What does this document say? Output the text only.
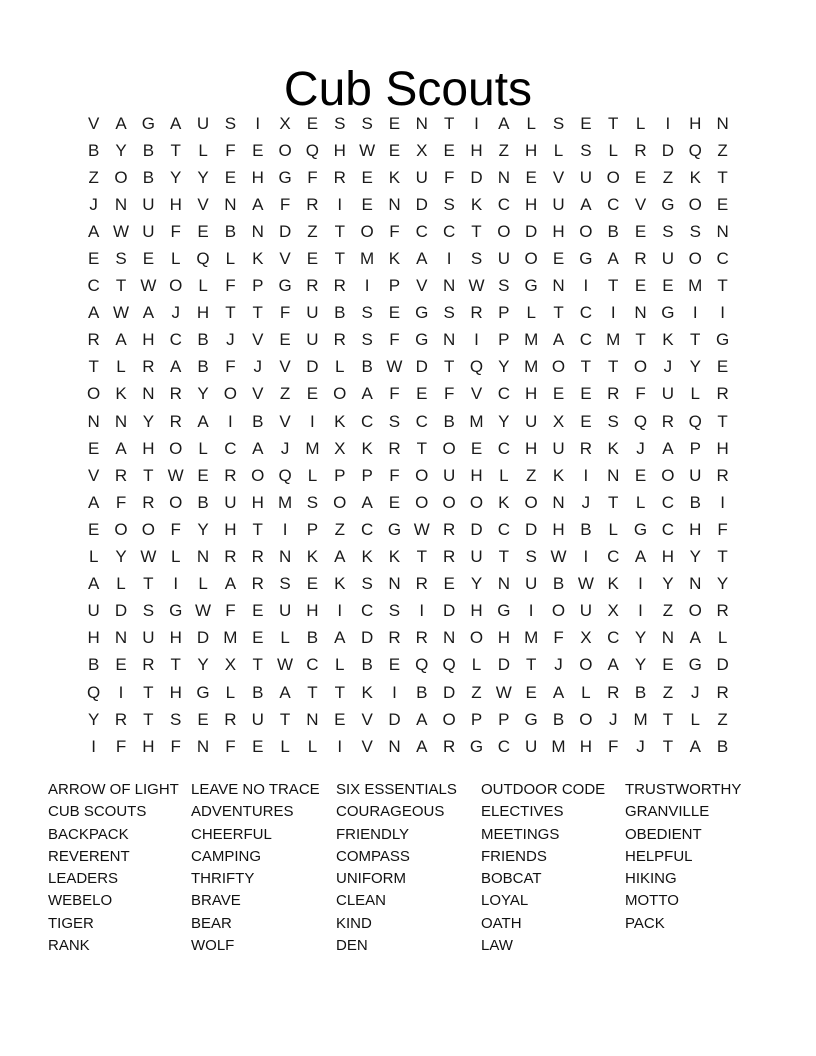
Cub Scouts
V A G A U S	I	X E S S E N T	I	A L S E T	L	I	H N
B Y B T	L	F E O Q H W E X E H Z H L S L R D Q Z
Z O B Y Y E H G F R E K U F D N E V U O E Z K T
J N U H V N A F R	I	E N D S K C H U A C V G O E
A W U F E B N D Z T O F C C T O D H O B E S S N
E S E L Q L K V E T M K A	I	S U O E G A R U O C
C T W O L	F P G R R	I	P V N W S G N	I	T E E M T
A W A	J H T T F U B S E G S R P L	T C	I	N G	I	I
R A H C B	J	V E U R S F G N	I	P M A C M T K T G
T	L R A B F	J	V D L B W D T Q Y M O T T O J	Y E
O K N R Y O V Z E O A F E F V C H E E R F U L R
N N Y R A	I	B V	I	K C S C B M Y U X E S Q R Q T
E A H O L C A	J M X K R T O E C H U R K	J	A P H
V R T W E R O Q L P P F O U H L	Z K	I	N E O U R
A F R O B U H M S O A E O O O K O N J	T	L C B	I
E O O F Y H T	I	P Z C G W R D C D H B L G C H F
L Y W L N R R N K A K K T R U T S W I	C A H Y T
A L	T	I	L A R S E K S N R E Y N U B W K	I	Y N Y
U D S G W F E U H	I	C S	I	D H G	I	O U X	I	Z O R
H N U H D M E L B A D R R N O H M F X C Y N A L
B E R T Y X T W C L B E Q Q L D T	J O A Y E G D
Q	I	T H G L B A T T K	I	B D Z W E A L R B Z	J R
Y R T S E R U T N E V D A O P P G B O J M T	L	Z
I	F H F N F E L	L	I	V N A R G C U M H F	J	T A B
ARROW OF LIGHT
CUB SCOUTS
BACKPACK
REVERENT
LEADERS
WEBELO
TIGER
RANK
LEAVE NO TRACE
ADVENTURES
CHEERFUL
CAMPING
THRIFTY
BRAVE
BEAR
WOLF
SIX ESSENTIALS
COURAGEOUS
FRIENDLY
COMPASS
UNIFORM
CLEAN
KIND
DEN
OUTDOOR CODE
ELECTIVES
MEETINGS
FRIENDS
BOBCAT
LOYAL
OATH
LAW
TRUSTWORTHY
GRANVILLE
OBEDIENT
HELPFUL
HIKING
MOTTO
PACK
